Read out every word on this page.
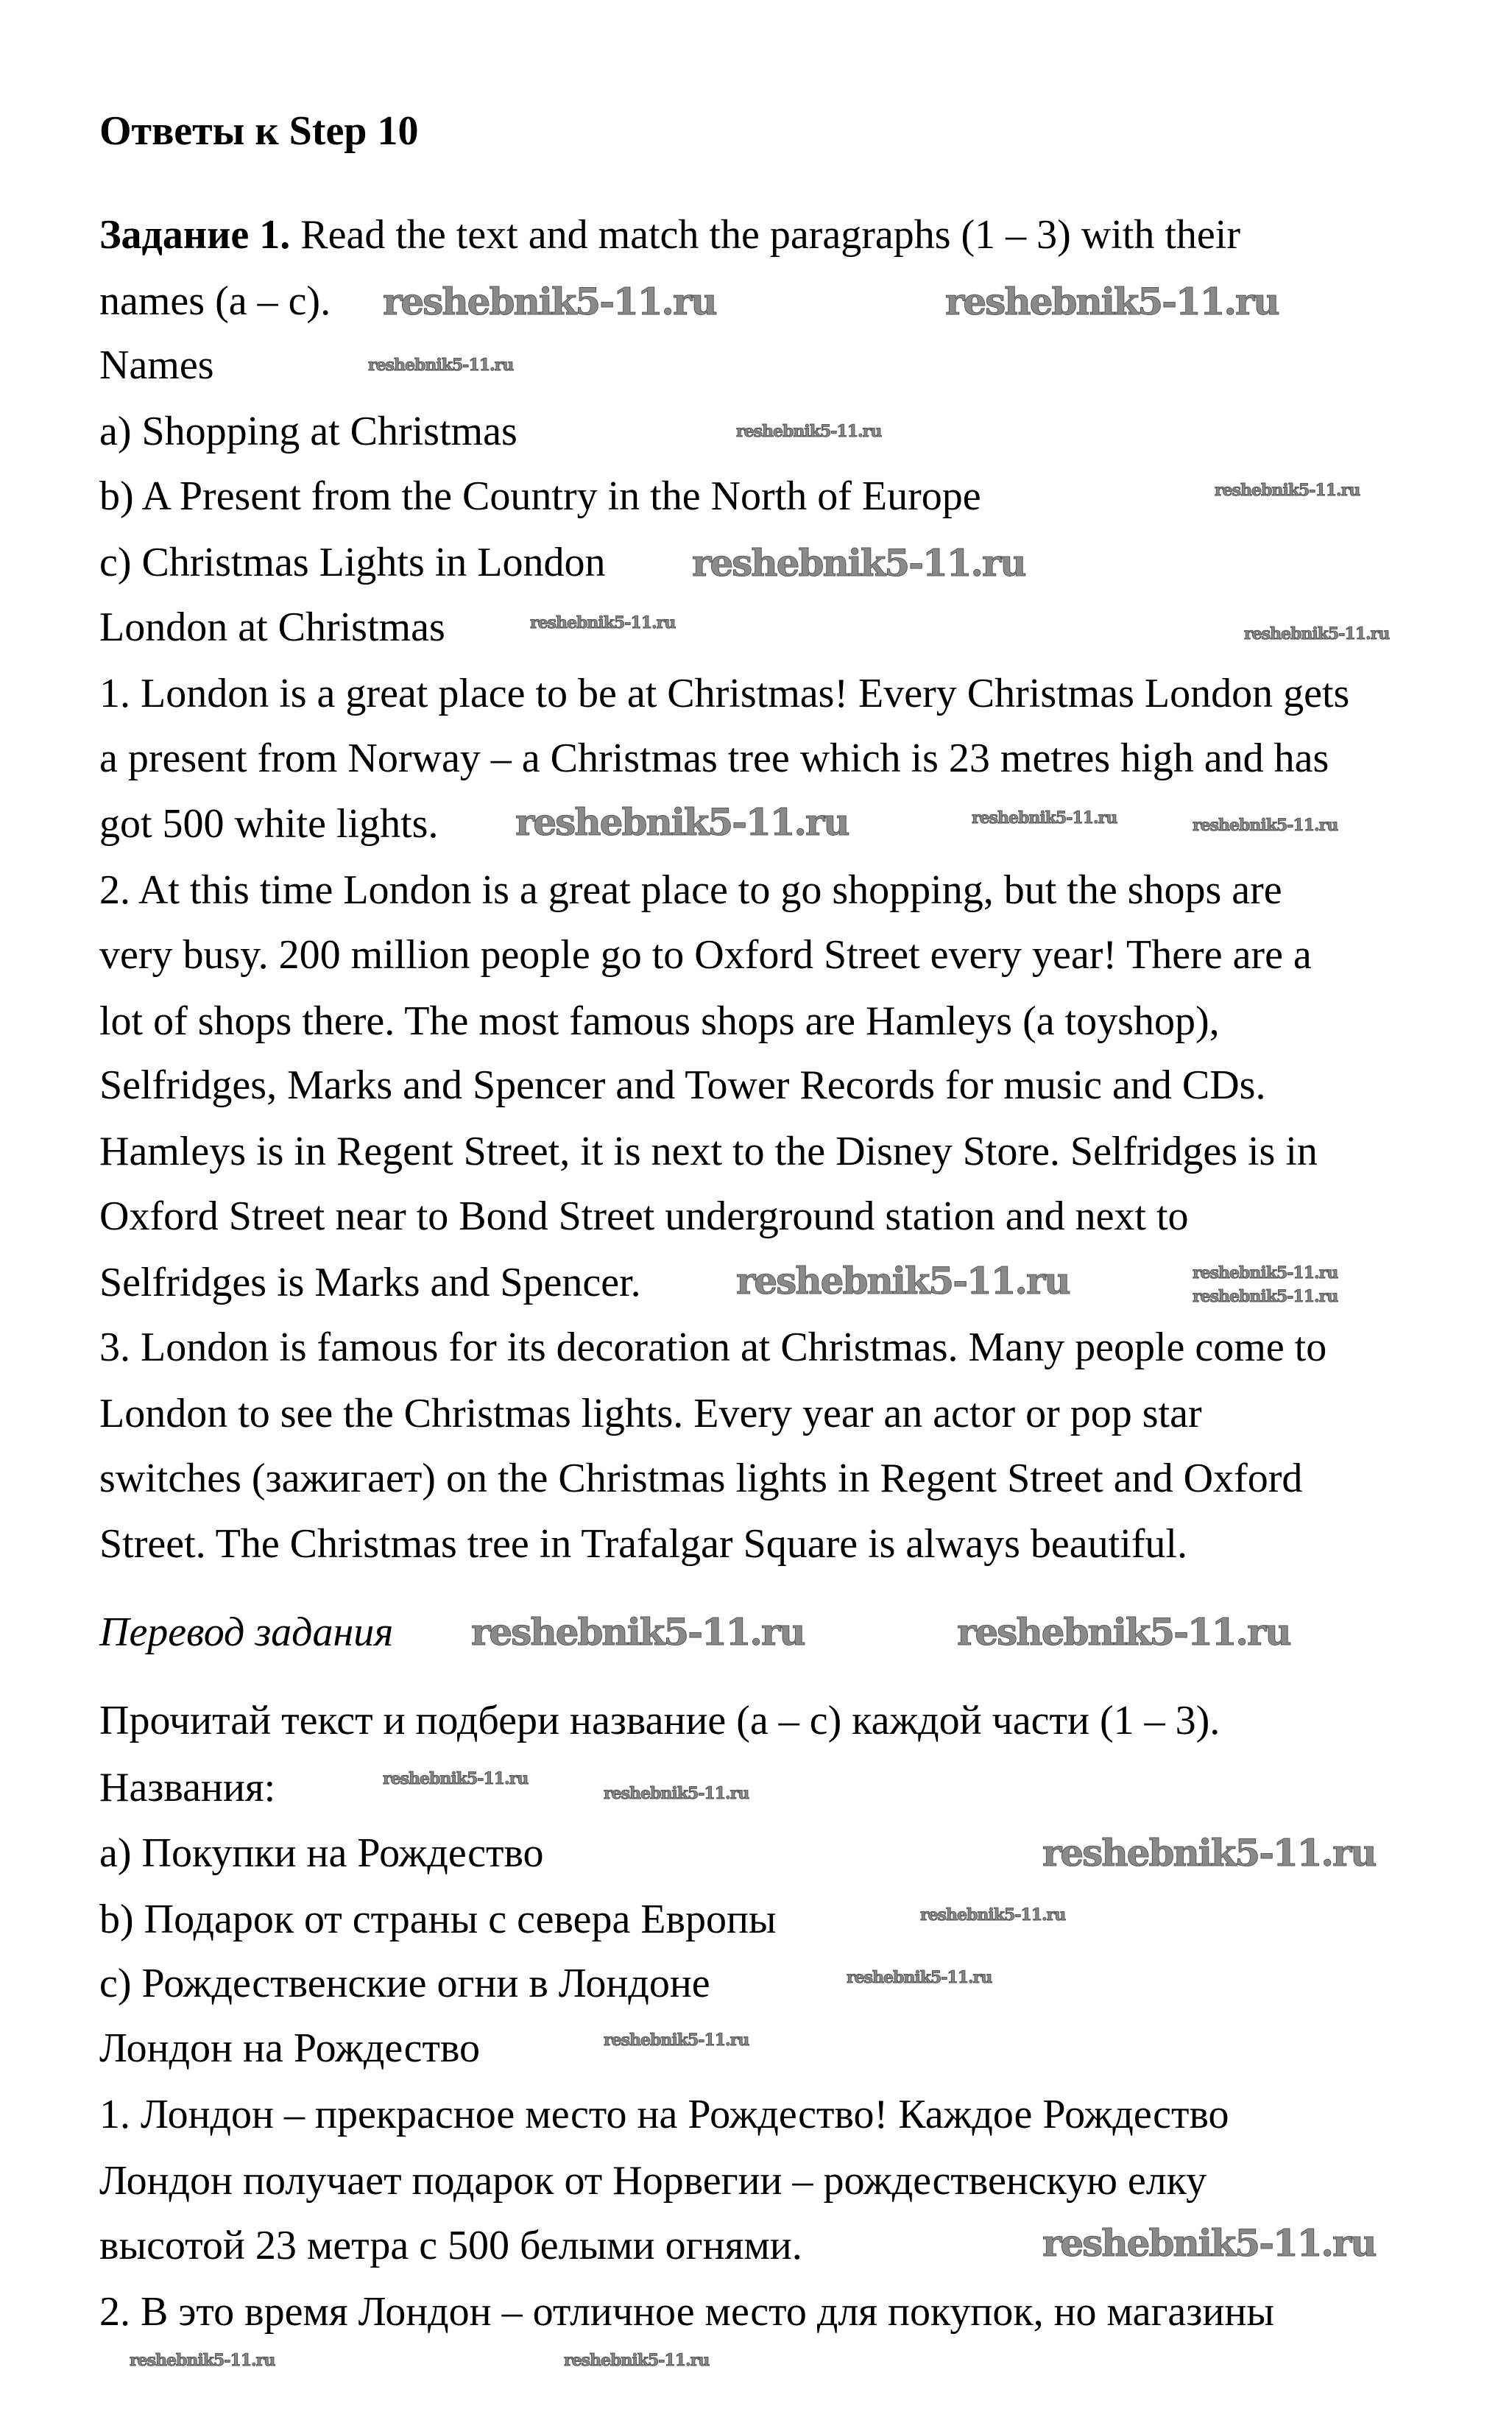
Ответы к Step 10
Задание 1. Read the text and match the paragraphs (1 – 3) with their
names (a – c).
Names
a) Shopping at Christmas
b) A Present from the Country in the North of Europe
c) Christmas Lights in London
London at Christmas
1. London is a great place to be at Christmas! Every Christmas London gets
a present from Norway – a Christmas tree which is 23 metres high and has
got 500 white lights.
2. At this time London is a great place to go shopping, but the shops are
very busy. 200 million people go to Oxford Street every year! There are a
lot of shops there. The most famous shops are Hamleys (a toyshop),
Selfridges, Marks and Spencer and Tower Records for music and CDs.
Hamleys is in Regent Street, it is next to the Disney Store. Selfridges is in
Oxford Street near to Bond Street underground station and next to
Selfridges is Marks and Spencer.
3. London is famous for its decoration at Christmas. Many people come to
London to see the Christmas lights. Every year an actor or pop star
switches (зажигает) on the Christmas lights in Regent Street and Oxford
Street. The Christmas tree in Trafalgar Square is always beautiful.
Перевод задания
Прочитай текст и подбери название (а – с) каждой части (1 – 3).
Названия:
а) Покупки на Рождество
b) Подарок от страны с севера Европы
c) Рождественские огни в Лондоне
Лондон на Рождество
1. Лондон – прекрасное место на Рождество! Каждое Рождество
Лондон получает подарок от Норвегии – рождественскую елку
высотой 23 метра с 500 белыми огнями.
2. В это время Лондон – отличное место для покупок, но магазины
reshebnik5-11.ru	reshebnik5-11.ru
reshebnik5-11.ru
reshebnik5-11.ru
reshebnik5-11.ru
reshebnik5-11.ru	reshebnik5-11.ru
reshebnik5-11.ru
reshebnik5-11.ru
reshebnik5-11.ru
reshebnik5-11.ru
reshebnik5-11.ru	reshebnik5-11.ru
reshebnik5-11.ru
reshebnik5-11.ru
reshebnik5-11.ru
reshebnik5-11.ru
reshebnik5-11.ru
reshebnik5-11.ru
reshebnik5-11.ru
reshebnik5-11.ru
reshebnik5-11.ru
reshebnik5-11.ru
reshebnik5-11.ru	reshebnik5-11.ru
